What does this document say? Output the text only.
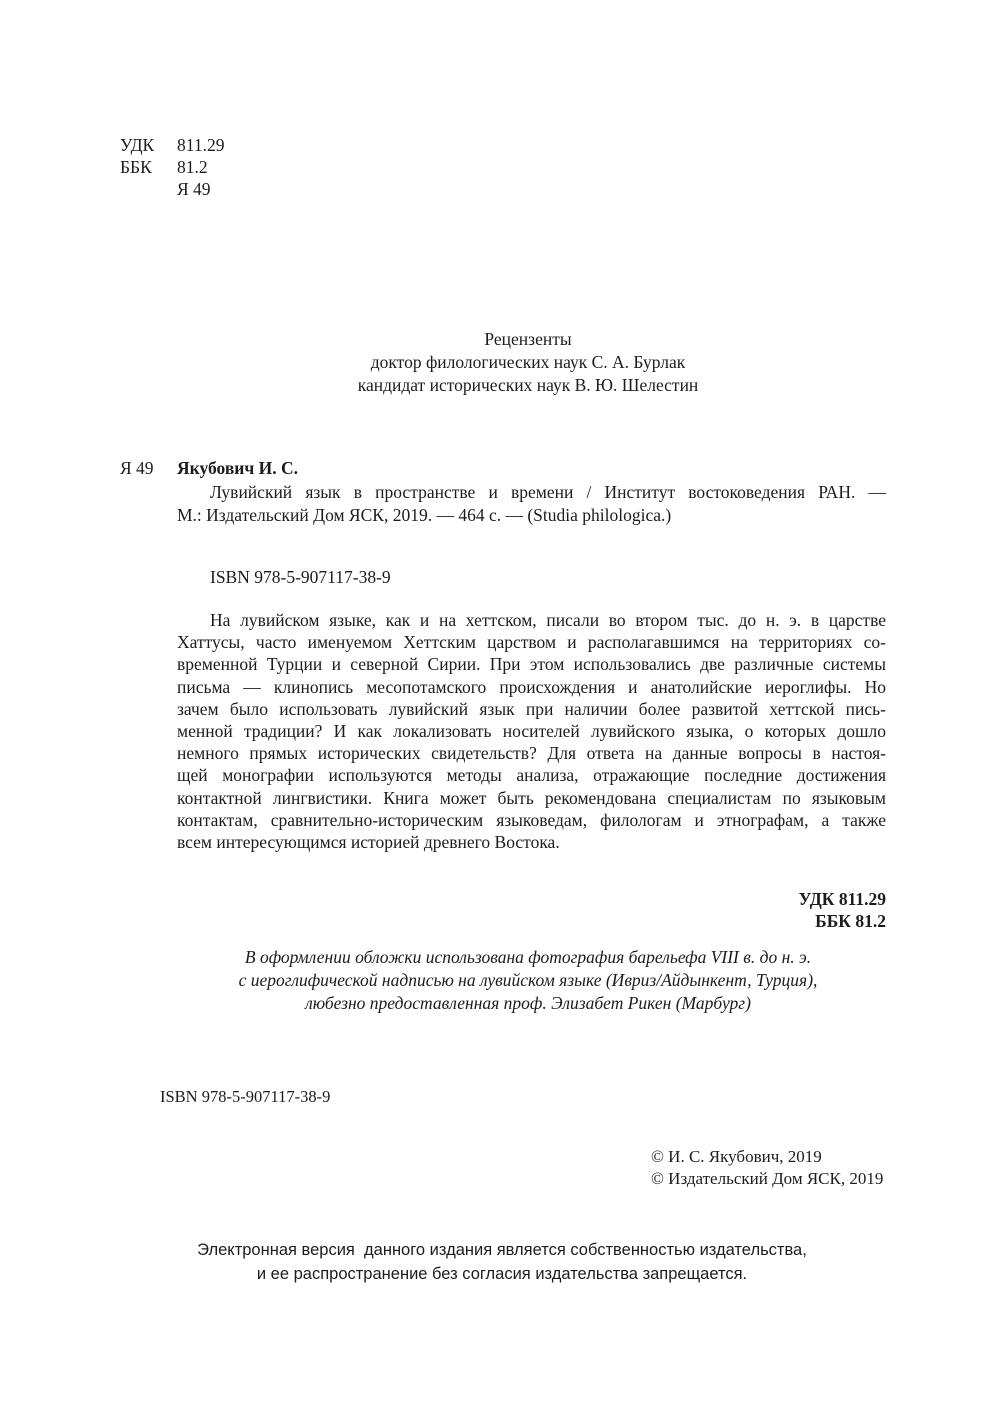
УДК 811.29
ББК 81.2
Я 49
Рецензенты
доктор филологических наук С. А. Бурлак
кандидат исторических наук В. Ю. Шелестин
Я 49 Якубович И. С.
Лувийский язык в пространстве и времени / Институт востоковедения РАН. —
М.: Издательский Дом ЯСК, 2019. — 464 с. — (Studia philologica.)
ISBN 978-5-907117-38-9
На лувийском языке, как и на хеттском, писали во втором тыс. до н. э. в царстве
Хаттусы, часто именуемом Хеттским царством и располагавшимся на территориях со-
временной Турции и северной Сирии. При этом использовались две различные системы
письма — клинопись месопотамского происхождения и анатолийские иероглифы. Но
зачем было использовать лувийский язык при наличии более развитой хеттской пись-
менной традиции? И как локализовать носителей лувийского языка, о которых дошло
немного прямых исторических свидетельств? Для ответа на данные вопросы в настоя-
щей монографии используются методы анализа, отражающие последние достижения
контактной лингвистики. Книга может быть рекомендована специалистам по языковым
контактам, сравнительно-историческим языковедам, филологам и этнографам, а также
всем интересующимся историей древнего Востока.
УДК 811.29
ББК 81.2
В оформлении обложки использована фотография барельефа VIII в. до н. э.
с иероглифической надписью на лувийском языке (Ивриз/Айдынкент, Турция),
любезно предоставленная проф. Элизабет Рикен (Марбург)
ISBN 978-5-907117-38-9
© И. С. Якубович, 2019
© Издательский Дом ЯСК, 2019
Электронная версия  данного издания является собственностью издательства,
и ее распространение без согласия издательства запрещается.
